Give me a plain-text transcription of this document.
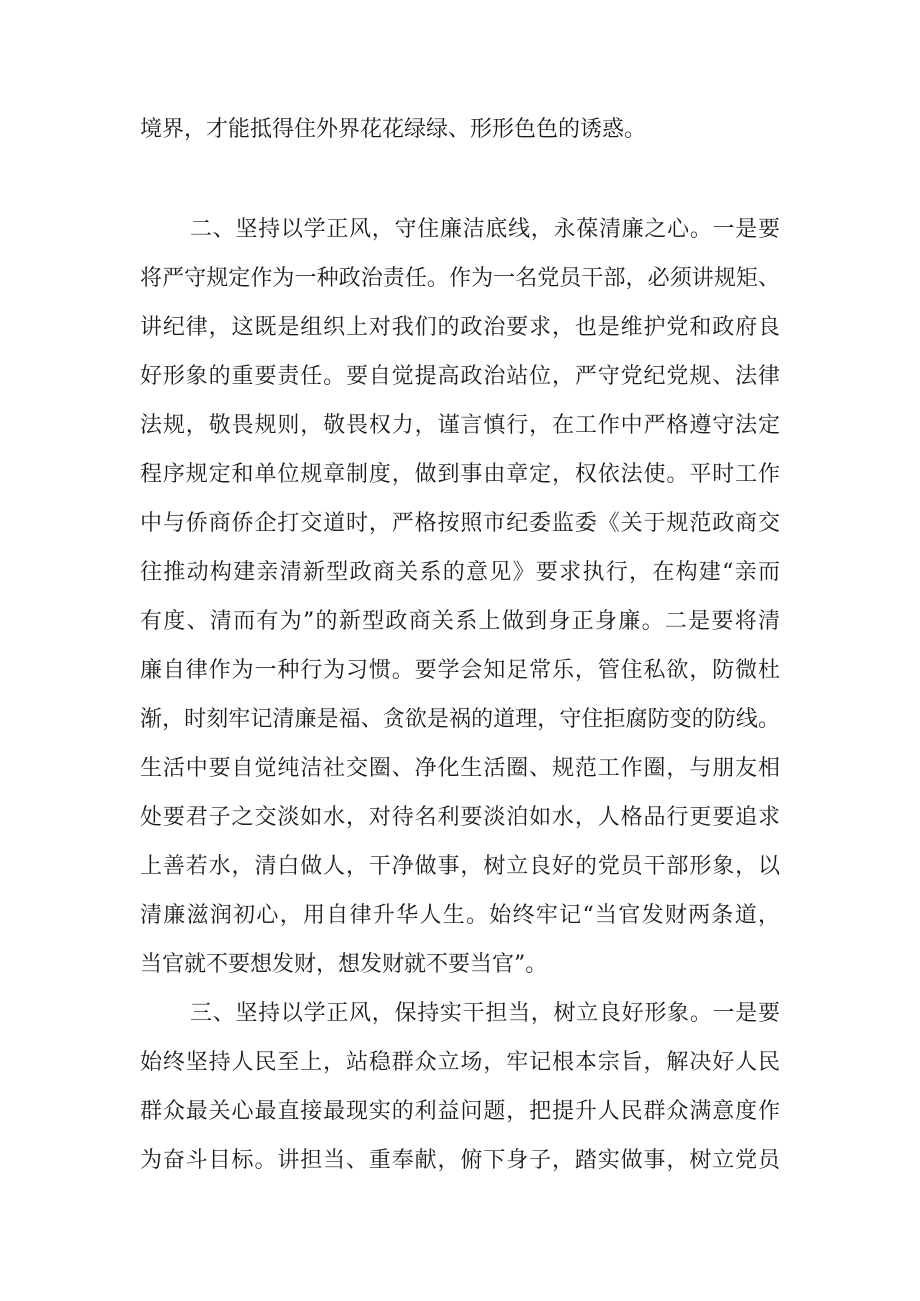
境界，才能抵得住外界花花绿绿、形形色色的诱惑。
二、坚持以学正风，守住廉洁底线，永葆清廉之心。一是要
将严守规定作为一种政治责任。作为一名党员干部，必须讲规矩、
讲纪律，这既是组织上对我们的政治要求，也是维护党和政府良
好形象的重要责任。要自觉提高政治站位，严守党纪党规、法律
法规，敬畏规则，敬畏权力，谨言慎行，在工作中严格遵守法定
程序规定和单位规章制度，做到事由章定，权依法使。平时工作
中与侨商侨企打交道时，严格按照市纪委监委《关于规范政商交
往推动构建亲清新型政商关系的意见》要求执行，在构建“亲而
有度、清而有为”的新型政商关系上做到身正身廉。二是要将清
廉自律作为一种行为习惯。要学会知足常乐，管住私欲，防微杜
渐，时刻牢记清廉是福、贪欲是祸的道理，守住拒腐防变的防线。
生活中要自觉纯洁社交圈、净化生活圈、规范工作圈，与朋友相
处要君子之交淡如水，对待名利要淡泊如水，人格品行更要追求
上善若水，清白做人，干净做事，树立良好的党员干部形象，以
清廉滋润初心，用自律升华人生。始终牢记“当官发财两条道，
当官就不要想发财，想发财就不要当官”。
三、坚持以学正风，保持实干担当，树立良好形象。一是要
始终坚持人民至上，站稳群众立场，牢记根本宗旨，解决好人民
群众最关心最直接最现实的利益问题，把提升人民群众满意度作
为奋斗目标。讲担当、重奉献，俯下身子，踏实做事，树立党员
